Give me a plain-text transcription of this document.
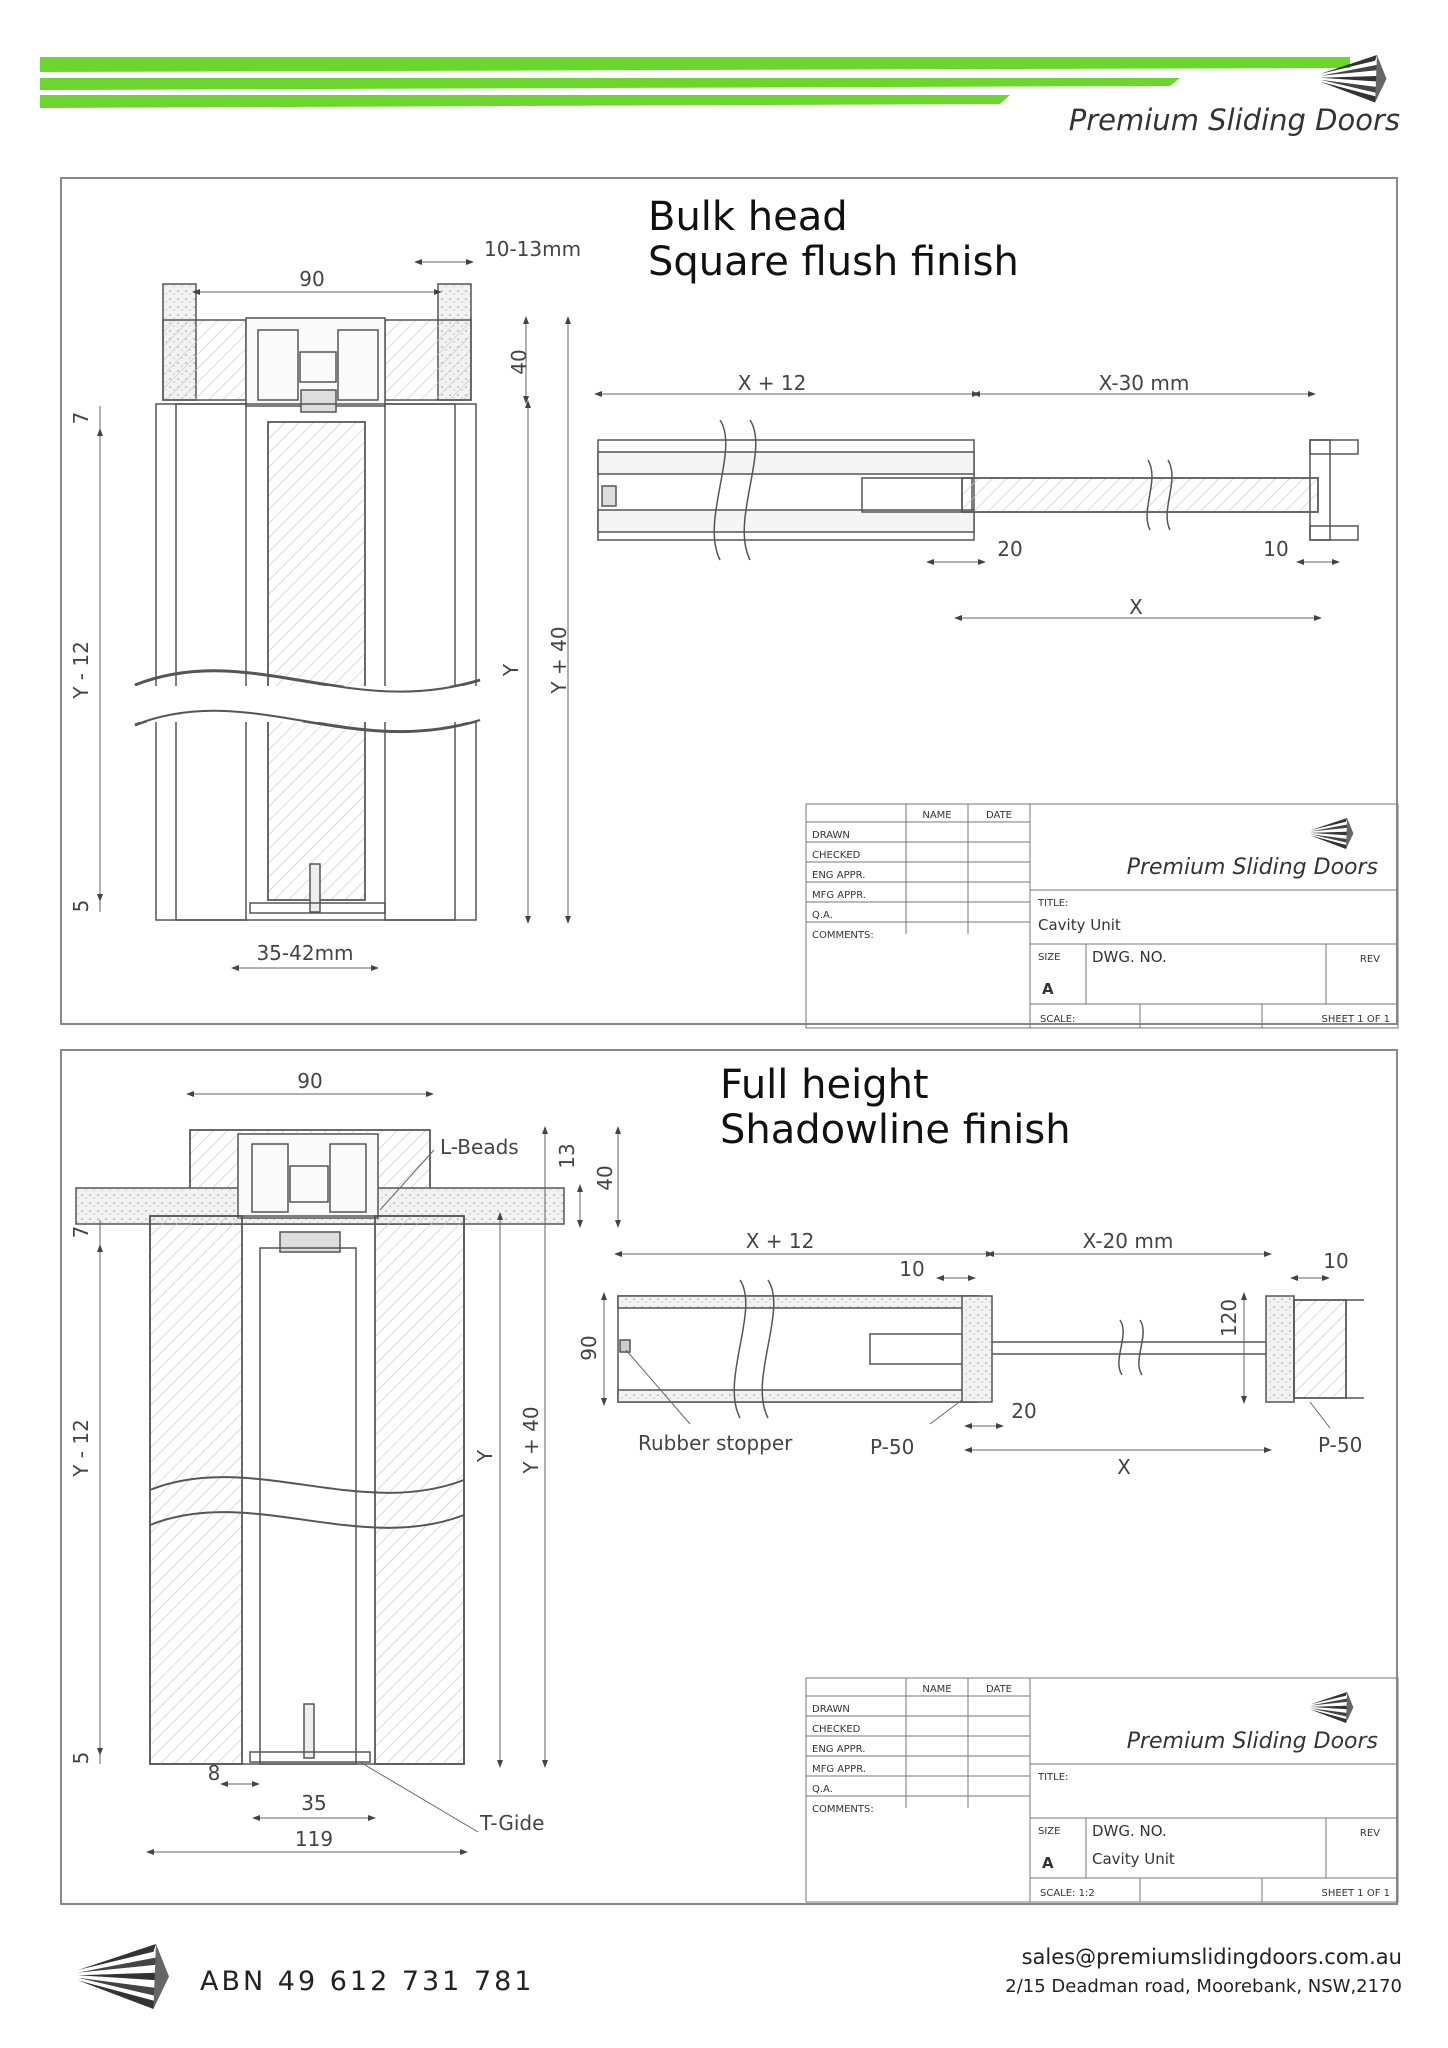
Premium Sliding Doors
Bulk head
Square flush finish
10-13mm
90
40
7
Y - 12	Y Y + 40
5
35-42mm
X + 12	X-30 mm
20	10
X
Premium Sliding Doors
NAME	DATE
DRAWN
CHECKED
ENG APPR.
MFG APPR.
Q.A.
COMMENTS:
TITLE:
Cavity Unit
SIZE
A
DWG. NO.	REV
SCALE:	SHEET 1 OF 1
Full height
Shadowline finish
90
13
40
7
Y - 12	Y Y + 40
5
8
35
119
L-Beads
T-Gide
X + 12	X-20 mm
10	10
120
90
20
X
Rubber stopper	P-50	P-50
Premium Sliding Doors
NAME	DATE
DRAWN
CHECKED
ENG APPR.
MFG APPR.
Q.A.
COMMENTS:
TITLE:
SIZE
A
DWG. NO.
Cavity Unit
REV
SCALE: 1:2	SHEET 1 OF 1
ABN 49 612 731 781
sales@premiumslidingdoors.com.au
2/15 Deadman road, Moorebank, NSW,2170
